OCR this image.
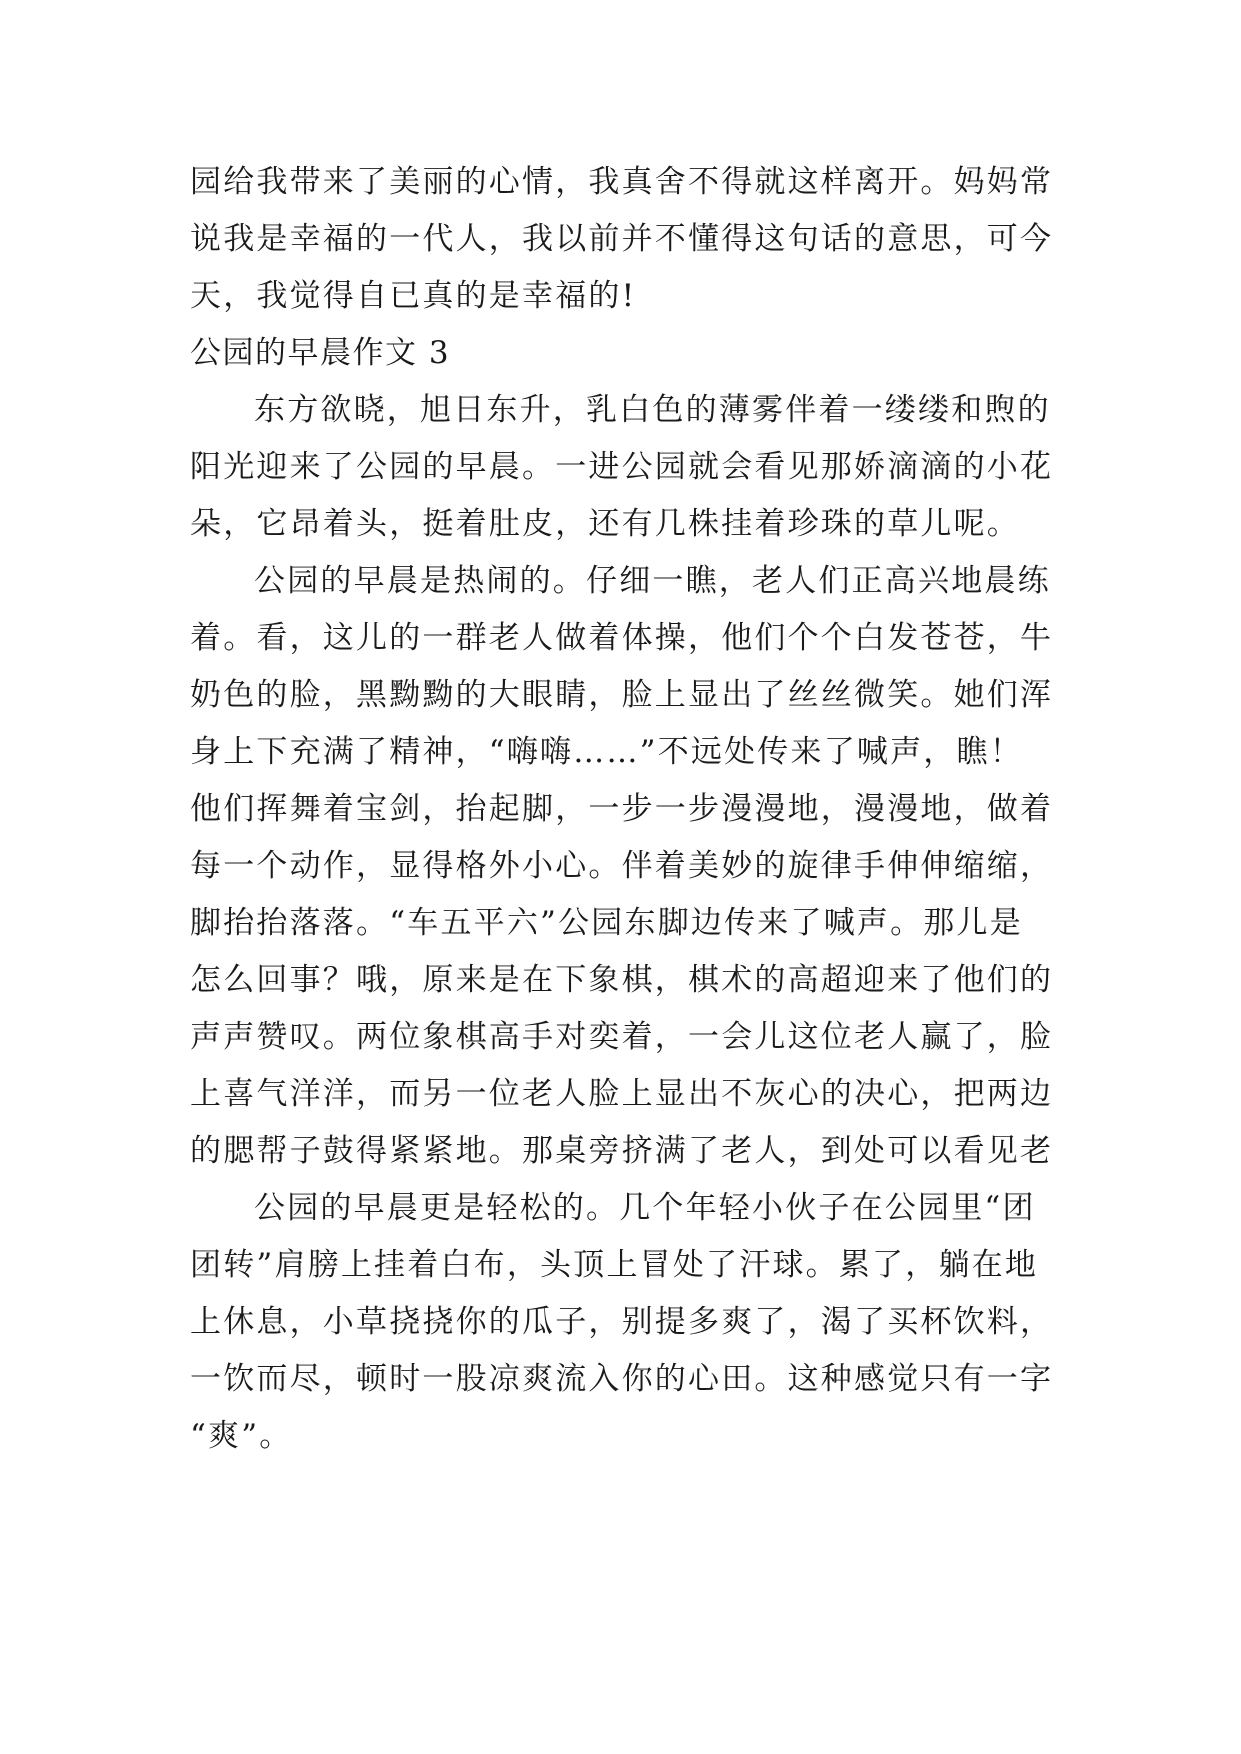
园给我带来了美丽的心情，我真舍不得就这样离开。妈妈常
说我是幸福的一代人，我以前并不懂得这句话的意思，可今
天，我觉得自已真的是幸福的!
公园的早晨作文 3
东方欲晓，旭日东升，乳白色的薄雾伴着一缕缕和煦的
阳光迎来了公园的早晨。一进公园就会看见那娇滴滴的小花
朵，它昂着头，挺着肚皮，还有几株挂着珍珠的草儿呢。
公园的早晨是热闹的。仔细一瞧，老人们正高兴地晨练
着。看，这儿的一群老人做着体操，他们个个白发苍苍，牛
奶色的脸，黑黝黝的大眼睛，脸上显出了丝丝微笑。她们浑
身上下充满了精神，“嗨嗨……”不远处传来了喊声，瞧！
他们挥舞着宝剑，抬起脚，一步一步漫漫地，漫漫地，做着
每一个动作，显得格外小心。伴着美妙的旋律手伸伸缩缩，
脚抬抬落落。“车五平六”公园东脚边传来了喊声。那儿是
怎么回事？哦，原来是在下象棋，棋术的高超迎来了他们的
声声赞叹。两位象棋高手对奕着，一会儿这位老人赢了，脸
上喜气洋洋，而另一位老人脸上显出不灰心的决心，把两边
的腮帮子鼓得紧紧地。那桌旁挤满了老人，到处可以看见老
公园的早晨更是轻松的。几个年轻小伙子在公园里“团
团转”肩膀上挂着白布，头顶上冒处了汗球。累了，躺在地
上休息，小草挠挠你的瓜子，别提多爽了，渴了买杯饮料，
一饮而尽，顿时一股凉爽流入你的心田。这种感觉只有一字
“爽”。
